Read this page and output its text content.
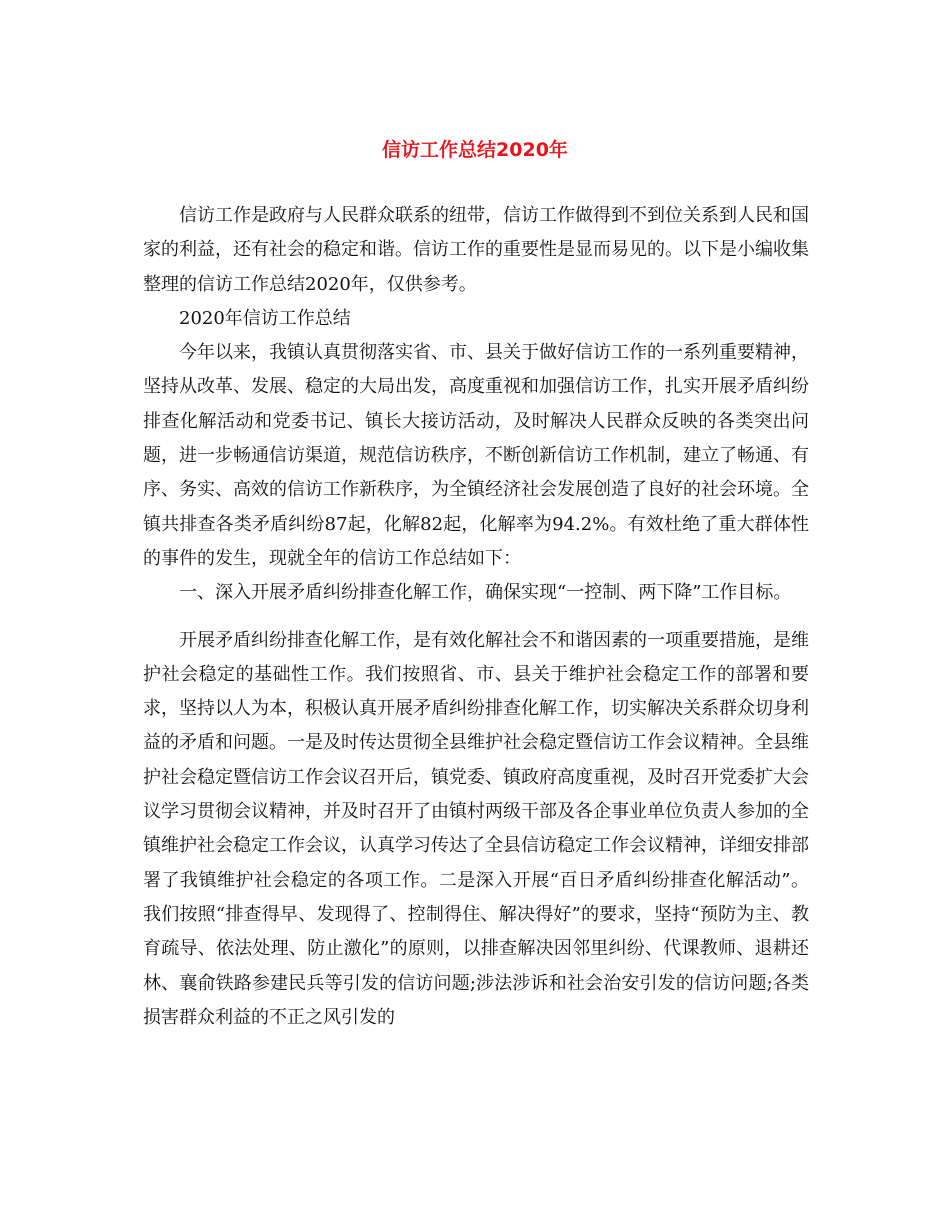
信访工作总结2020年

信访工作是政府与人民群众联系的纽带，信访工作做得到不到位关系到人民和国家的利益，还有社会的稳定和谐。信访工作的重要性是显而易见的。以下是小编收集整理的信访工作总结2020年，仅供参考。

2020年信访工作总结

今年以来，我镇认真贯彻落实省、市、县关于做好信访工作的一系列重要精神，坚持从改革、发展、稳定的大局出发，高度重视和加强信访工作，扎实开展矛盾纠纷排查化解活动和党委书记、镇长大接访活动，及时解决人民群众反映的各类突出问题，进一步畅通信访渠道，规范信访秩序，不断创新信访工作机制，建立了畅通、有序、务实、高效的信访工作新秩序，为全镇经济社会发展创造了良好的社会环境。全镇共排查各类矛盾纠纷87起，化解82起，化解率为94.2%。有效杜绝了重大群体性的事件的发生，现就全年的信访工作总结如下：

一、深入开展矛盾纠纷排查化解工作，确保实现“一控制、两下降”工作目标。

开展矛盾纠纷排查化解工作，是有效化解社会不和谐因素的一项重要措施，是维护社会稳定的基础性工作。我们按照省、市、县关于维护社会稳定工作的部署和要求，坚持以人为本，积极认真开展矛盾纠纷排查化解工作，切实解决关系群众切身利益的矛盾和问题。一是及时传达贯彻全县维护社会稳定暨信访工作会议精神。全县维护社会稳定暨信访工作会议召开后，镇党委、镇政府高度重视，及时召开党委扩大会议学习贯彻会议精神，并及时召开了由镇村两级干部及各企事业单位负责人参加的全镇维护社会稳定工作会议，认真学习传达了全县信访稳定工作会议精神，详细安排部署了我镇维护社会稳定的各项工作。二是深入开展“百日矛盾纠纷排查化解活动”。我们按照“排查得早、发现得了、控制得住、解决得好”的要求，坚持“预防为主、教育疏导、依法处理、防止激化”的原则，以排查解决因邻里纠纷、代课教师、退耕还林、襄俞铁路参建民兵等引发的信访问题;涉法涉诉和社会治安引发的信访问题;各类损害群众利益的不正之风引发的
